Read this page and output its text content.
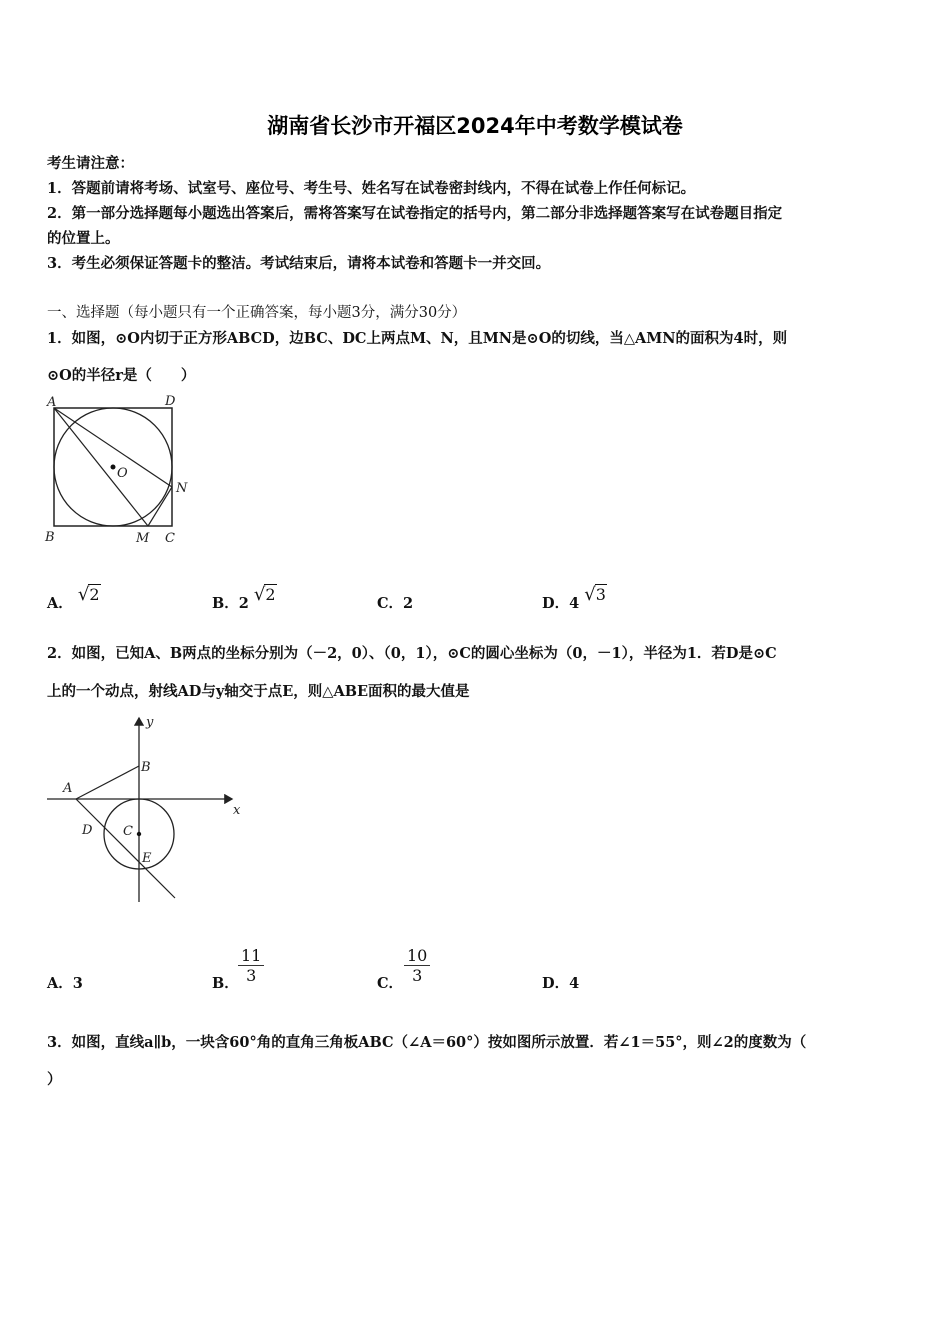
湖南省长沙市开福区2024年中考数学模试卷
考生请注意：
1．答题前请将考场、试室号、座位号、考生号、姓名写在试卷密封线内，不得在试卷上作任何标记。
2．第一部分选择题每小题选出答案后，需将答案写在试卷指定的括号内，第二部分非选择题答案写在试卷题目指定
的位置上。
3．考生必须保证答题卡的整洁。考试结束后，请将本试卷和答题卡一并交回。
一、选择题（每小题只有一个正确答案，每小题3分，满分30分）
1．如图，⊙O内切于正方形ABCD，边BC、DC上两点M、N，且MN是⊙O的切线，当△AMN的面积为4时，则
⊙O的半径r是（　　）
A	D
O
N
B	M C
A． √2	B．2 √2	C．2	D．4 √3
2．如图，已知A、B两点的坐标分别为（－2，0）、（0，1），⊙C的圆心坐标为（0，－1），半径为1．若D是⊙C
上的一个动点，射线AD与y轴交于点E，则△ABE面积的最大值是
y
B
A
x
D C
E
A．3	B． $\frac{11}{3}$	C． $\frac{10}{3}$	D．4
3．如图，直线a∥b，一块含60°角的直角三角板ABC（∠A＝60°）按如图所示放置．若∠1＝55°，则∠2的度数为（
）
